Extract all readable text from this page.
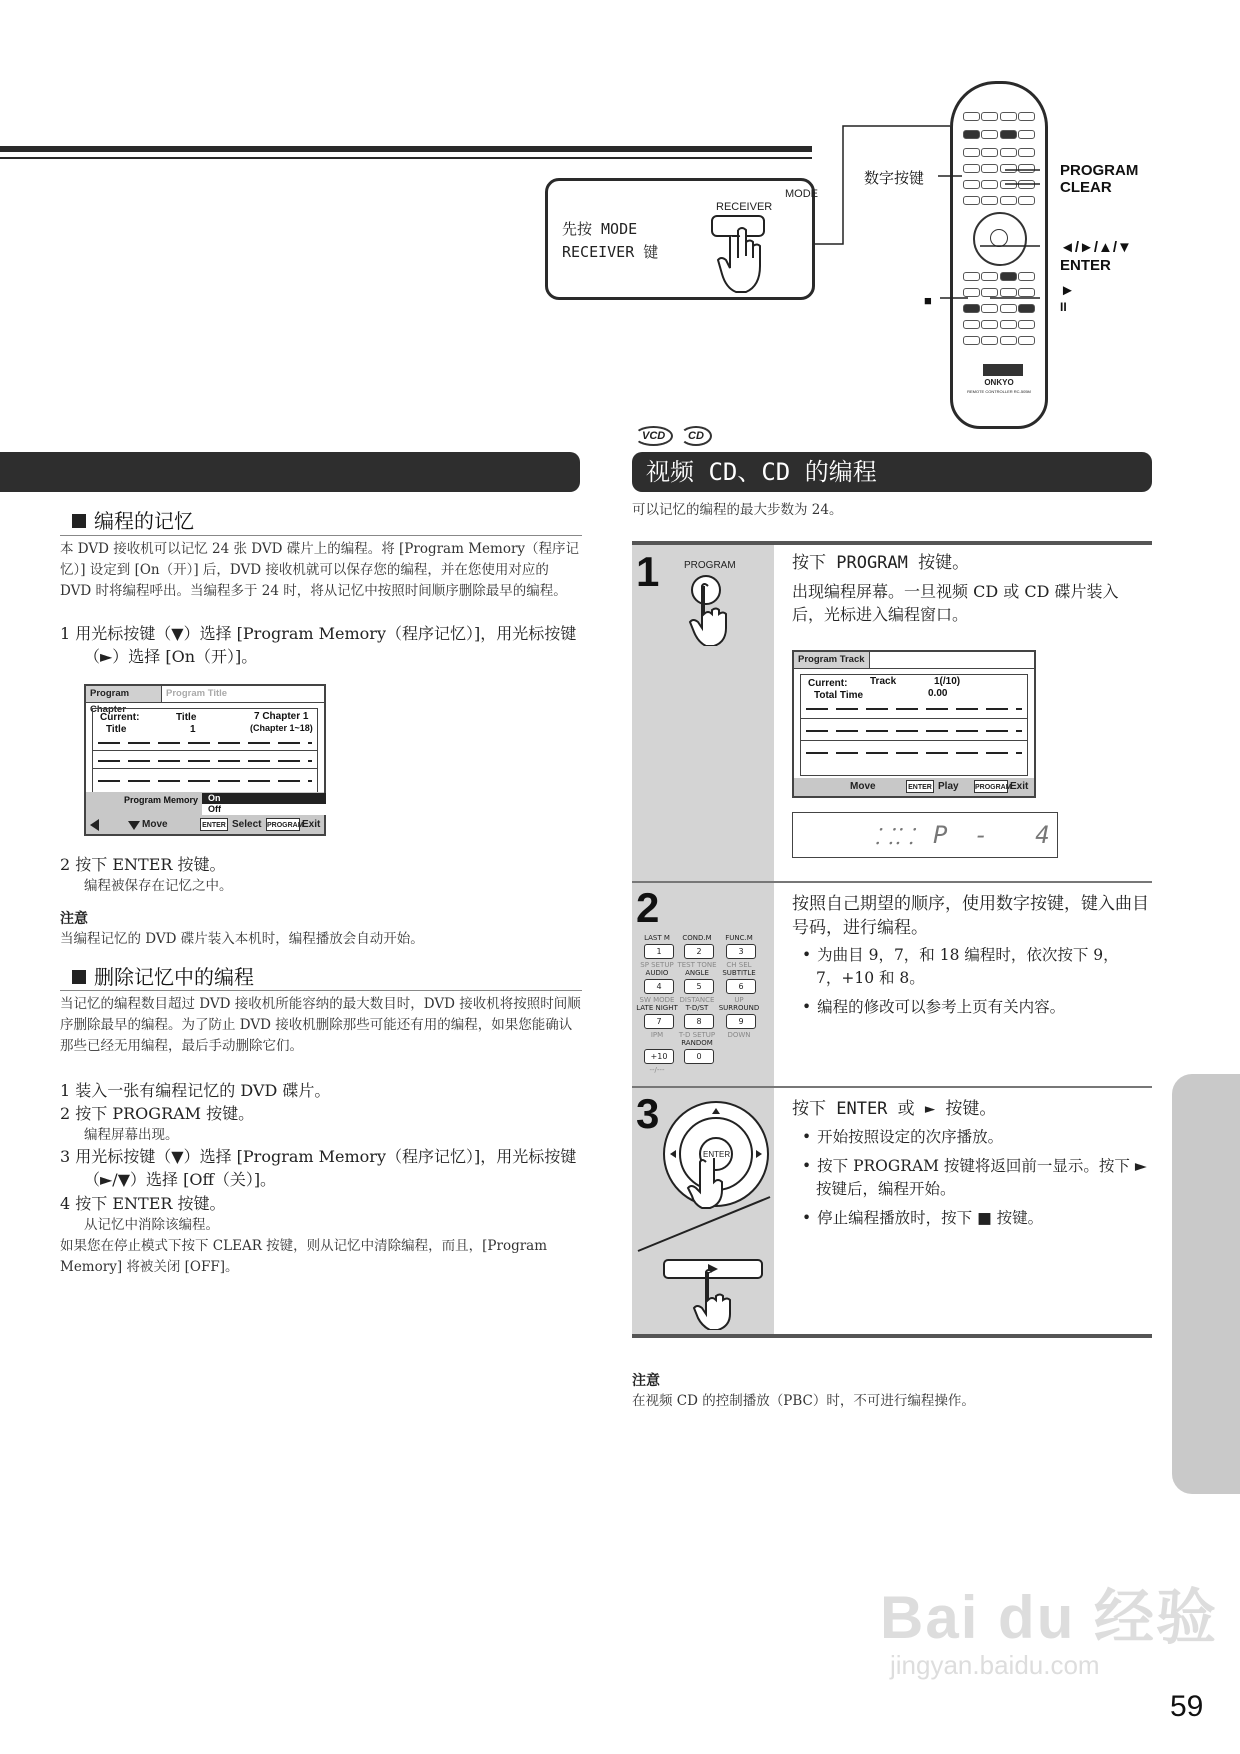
先按 MODE
RECEIVER 键
MODE
RECEIVER
ONKYO
REMOTE CONTROLLER RC-505M
数字按键	PROGRAM
CLEAR
◄/►/▲/▼
ENTER
►
II
■
视频 CD、CD 的编程
VCD	CD
编程的记忆
本 DVD 接收机可以记忆 24 张 DVD 碟片上的编程。将 [Program Memory（程序记忆）] 设定到 [On（开）] 后，DVD 接收机就可以保存您的编程，并在您使用对应的 DVD 时将编程呼出。当编程多于 24 时，将从记忆中按照时间顺序删除最早的编程。
1 用光标按键（▼）选择 [Program Memory（程序记忆）]，用光标按键（►）选择 [On（开）]。
Program Chapter
Program Title
Current:
Title
Title
1
7 Chapter 1
(Chapter 1~18)
Program Memory	On
Off
Move	ENTER Select PROGRAM
Exit
2 按下 ENTER 按键。
编程被保存在记忆之中。
注意
当编程记忆的 DVD 碟片装入本机时，编程播放会自动开始。
删除记忆中的编程
当记忆的编程数目超过 DVD 接收机所能容纳的最大数目时，DVD 接收机将按照时间顺序删除最早的编程。为了防止 DVD 接收机删除那些可能还有用的编程，如果您能确认那些已经无用编程，最后手动删除它们。
1 装入一张有编程记忆的 DVD 碟片。
2 按下 PROGRAM 按键。
编程屏幕出现。
3 用光标按键（▼）选择 [Program Memory（程序记忆）]，用光标按键（►/▼）选择 [Off（关）]。
4 按下 ENTER 按键。
从记忆中消除该编程。
如果您在停止模式下按下 CLEAR 按键，则从记忆中清除编程，而且，[Program Memory] 将被关闭 [OFF]。
可以记忆的编程的最大步数为 24。
1 PROGRAM	按下 PROGRAM 按键。
出现编程屏幕。一旦视频 CD 或 CD 碟片装入后，光标进入编程窗口。
Program Track
Current:
Total Time
Track	1(/10)
0.00
Move	ENTER Play PROGRAM
Exit
⸬⸬ P -  4
2
LAST M	COND.M	FUNC.M
1	2	3
SP SETUP TEST TONE	CH SEL
AUDIO	ANGLE	SUBTITLE
4	5	6
SW MODE DISTANCE	UP
LATE NIGHT	T-D/ST	SURROUND
7	8	9
IPM	T-D SETUP	DOWN
RANDOM
+10	0
--/---
按照自己期望的顺序，使用数字按键，键入曲目号码，进行编程。
• 为曲目 9，7，和 18 编程时，依次按下 9，7，+10 和 8。
• 编程的修改可以参考上页有关内容。
3
ENTER
按下 ENTER 或 ► 按键。
• 开始按照设定的次序播放。
• 按下 PROGRAM 按键将返回前一显示。按下 ► 按键后，编程开始。
• 停止编程播放时，按下 ■ 按键。
注意
在视频 CD 的控制播放（PBC）时，不可进行编程操作。
Bai du 经验
jingyan.baidu.com
59
